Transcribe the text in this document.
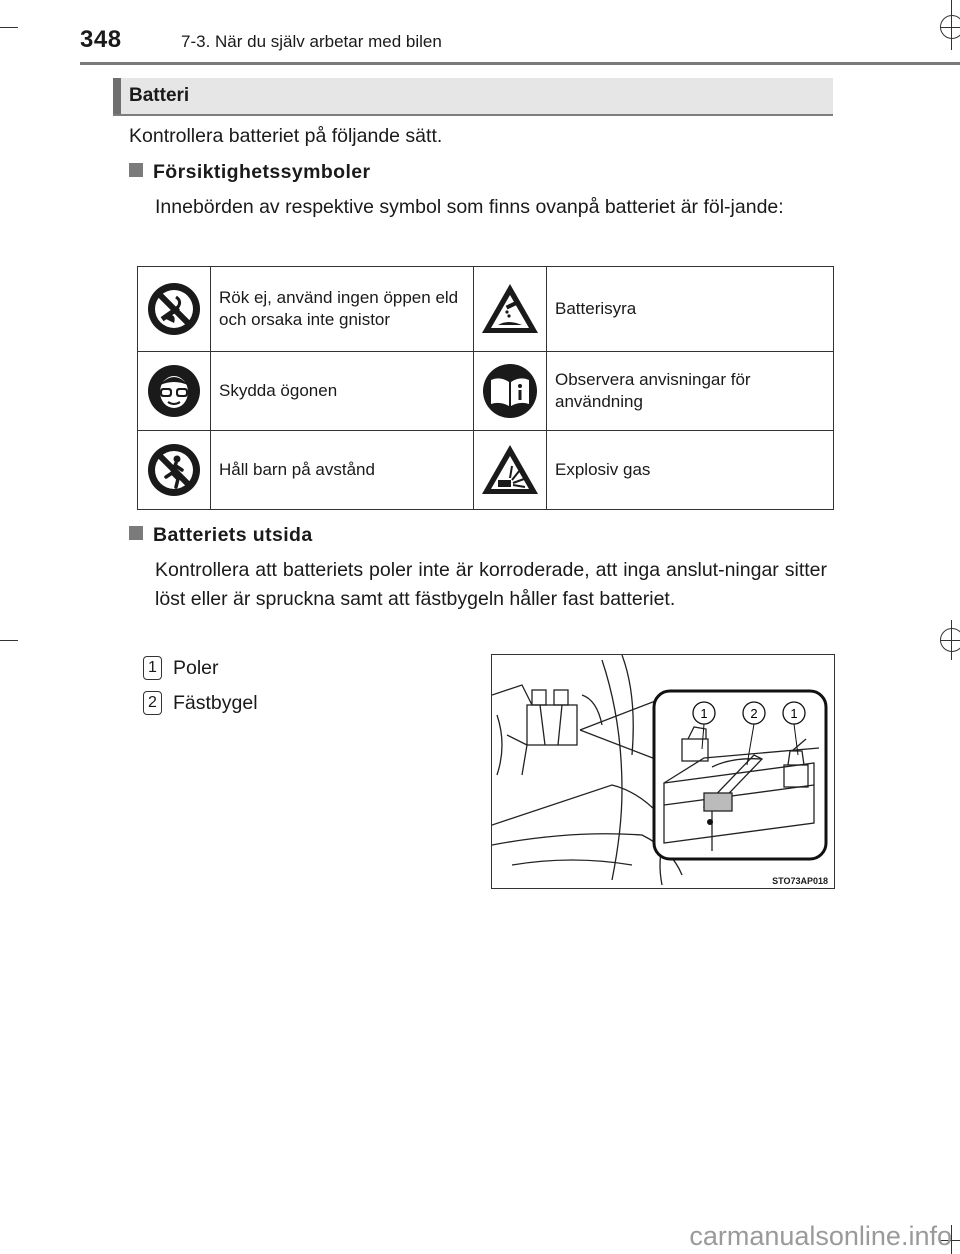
348	7-3. När du själv arbetar med bilen
Batteri
Kontrollera batteriet på följande sätt.
Försiktighetssymboler
Innebörden av respektive symbol som finns ovanpå batteriet är föl-jande:
	Rök ej, använd ingen öppen eld och orsaka inte gnistor		Batterisyra

	Skydda ögonen		Observera anvisningar för användning

	Håll barn på avstånd		Explosiv gas
Batteriets utsida
Kontrollera att batteriets poler inte är korroderade, att inga anslut-ningar sitter löst eller är spruckna samt att fästbygeln håller fast batteriet.
1 Poler
2 Fästbygel	1	2	1
STO73AP018
carmanualsonline.info
